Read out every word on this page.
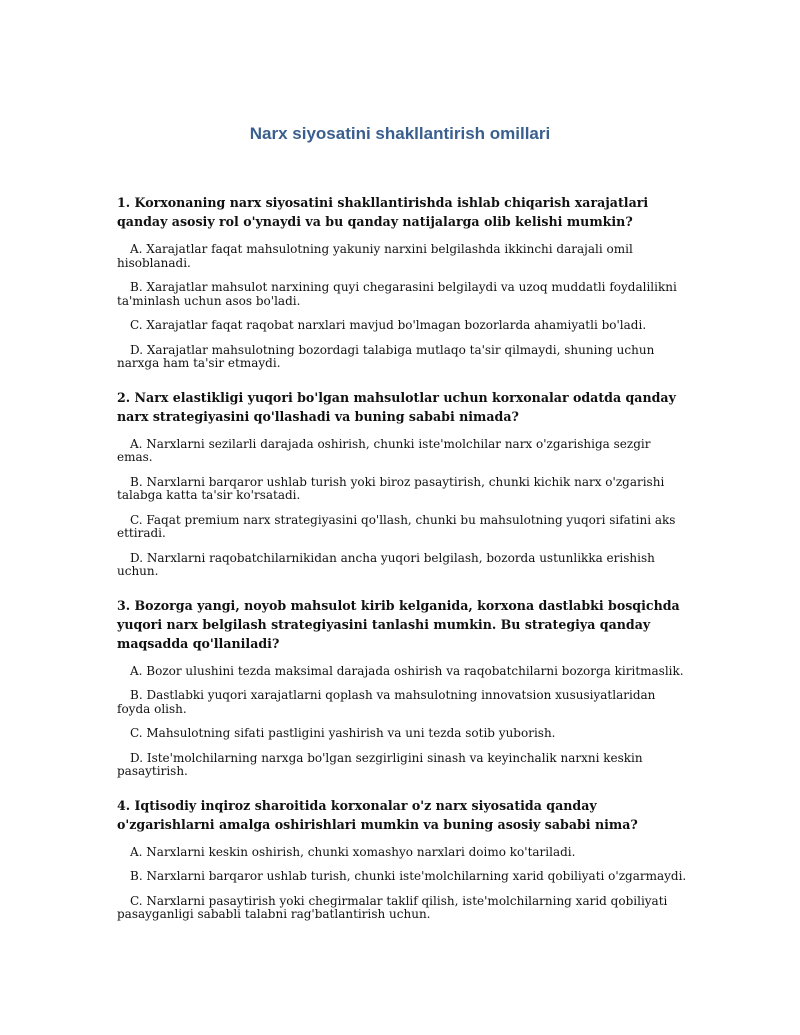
Narx siyosatini shakllantirish omillari

1. Korxonaning narx siyosatini shakllantirishda ishlab chiqarish xarajatlari qanday asosiy rol o'ynaydi va bu qanday natijalarga olib kelishi mumkin?

A. Xarajatlar faqat mahsulotning yakuniy narxini belgilashda ikkinchi darajali omil hisoblanadi.

B. Xarajatlar mahsulot narxining quyi chegarasini belgilaydi va uzoq muddatli foydalilikni ta'minlash uchun asos bo'ladi.

C. Xarajatlar faqat raqobat narxlari mavjud bo'lmagan bozorlarda ahamiyatli bo'ladi.

D. Xarajatlar mahsulotning bozordagi talabiga mutlaqo ta'sir qilmaydi, shuning uchun narxga ham ta'sir etmaydi.

2. Narx elastikligi yuqori bo'lgan mahsulotlar uchun korxonalar odatda qanday narx strategiyasini qo'llashadi va buning sababi nimada?

A. Narxlarni sezilarli darajada oshirish, chunki iste'molchilar narx o'zgarishiga sezgir emas.

B. Narxlarni barqaror ushlab turish yoki biroz pasaytirish, chunki kichik narx o'zgarishi talabga katta ta'sir ko'rsatadi.

C. Faqat premium narx strategiyasini qo'llash, chunki bu mahsulotning yuqori sifatini aks ettiradi.

D. Narxlarni raqobatchilarnikidan ancha yuqori belgilash, bozorda ustunlikka erishish uchun.

3. Bozorga yangi, noyob mahsulot kirib kelganida, korxona dastlabki bosqichda yuqori narx belgilash strategiyasini tanlashi mumkin. Bu strategiya qanday maqsadda qo'llaniladi?

A. Bozor ulushini tezda maksimal darajada oshirish va raqobatchilarni bozorga kiritmaslik.

B. Dastlabki yuqori xarajatlarni qoplash va mahsulotning innovatsion xususiyatlaridan foyda olish.

C. Mahsulotning sifati pastligini yashirish va uni tezda sotib yuborish.

D. Iste'molchilarning narxga bo'lgan sezgirligini sinash va keyinchalik narxni keskin pasaytirish.

4. Iqtisodiy inqiroz sharoitida korxonalar o'z narx siyosatida qanday o'zgarishlarni amalga oshirishlari mumkin va buning asosiy sababi nima?

A. Narxlarni keskin oshirish, chunki xomashyo narxlari doimo ko'tariladi.

B. Narxlarni barqaror ushlab turish, chunki iste'molchilarning xarid qobiliyati o'zgarmaydi.

C. Narxlarni pasaytirish yoki chegirmalar taklif qilish, iste'molchilarning xarid qobiliyati pasayganligi sababli talabni rag'batlantirish uchun.
